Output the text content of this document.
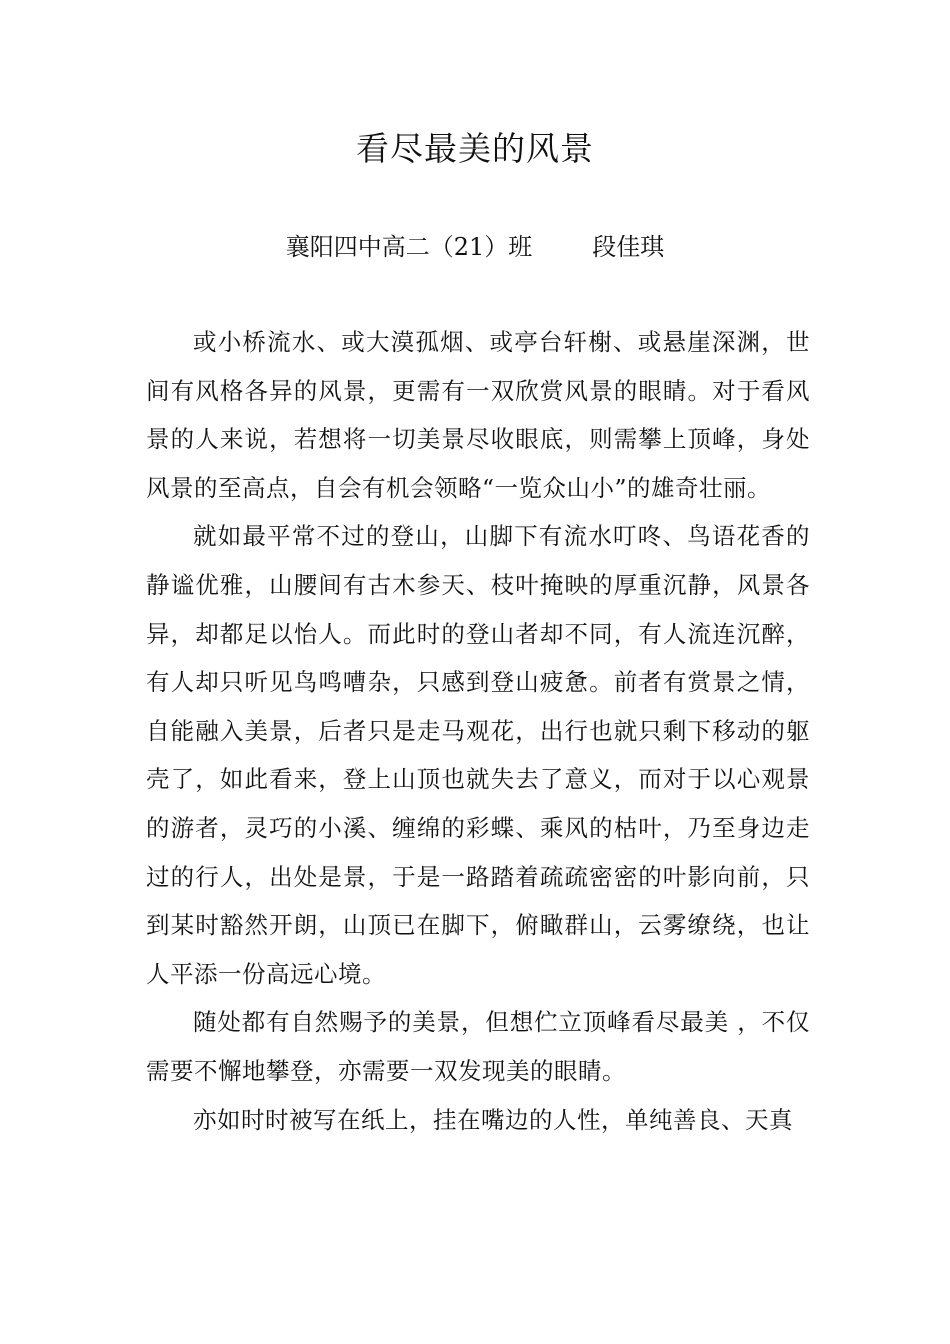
看尽最美的风景
襄阳四中高二（21）班	段佳琪

或小桥流水、或大漠孤烟、或亭台轩榭、或悬崖深渊，世间有风格各异的风景，更需有一双欣赏风景的眼睛。对于看风景的人来说，若想将一切美景尽收眼底，则需攀上顶峰，身处风景的至高点，自会有机会领略“一览众山小”的雄奇壮丽。

就如最平常不过的登山，山脚下有流水叮咚、鸟语花香的静谧优雅，山腰间有古木参天、枝叶掩映的厚重沉静，风景各异，却都足以怡人。而此时的登山者却不同，有人流连沉醉，有人却只听见鸟鸣嘈杂，只感到登山疲惫。前者有赏景之情，自能融入美景，后者只是走马观花，出行也就只剩下移动的躯壳了，如此看来，登上山顶也就失去了意义，而对于以心观景的游者，灵巧的小溪、缠绵的彩蝶、乘风的枯叶，乃至身边走过的行人，出处是景，于是一路踏着疏疏密密的叶影向前，只到某时豁然开朗，山顶已在脚下，俯瞰群山，云雾缭绕，也让人平添一份高远心境。

随处都有自然赐予的美景，但想伫立顶峰看尽最美 ，不仅需要不懈地攀登，亦需要一双发现美的眼睛。

亦如时时被写在纸上，挂在嘴边的人性，单纯善良、天真
